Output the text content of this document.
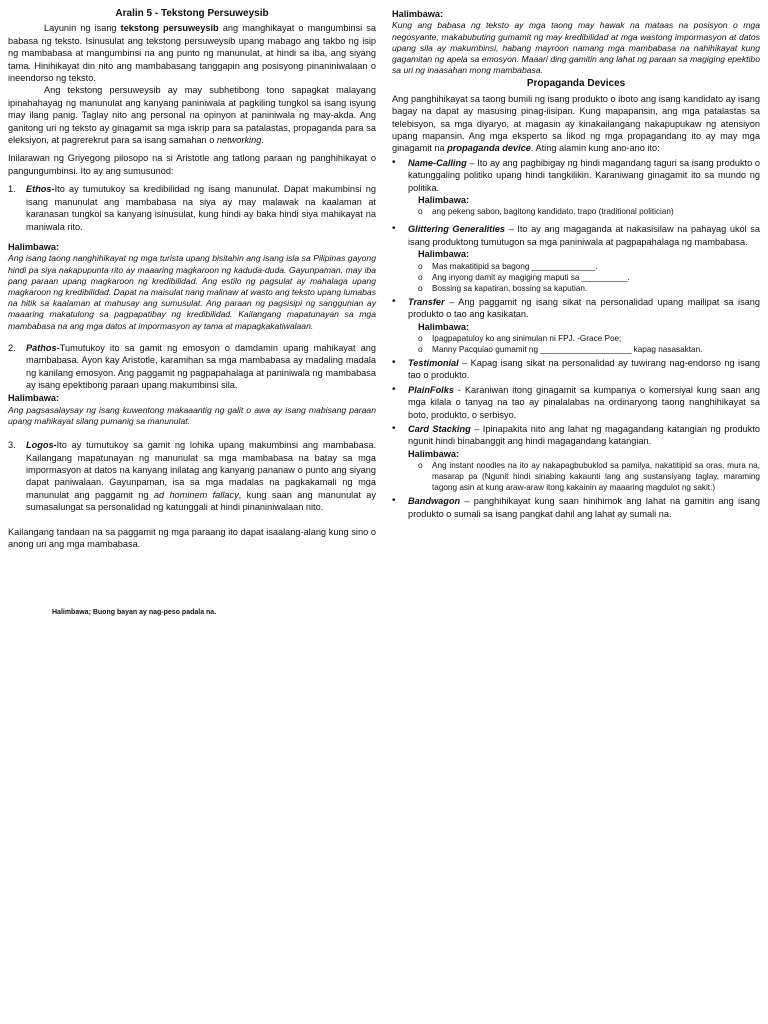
Aralin 5 - Tekstong Persuweysib

Layunin ng isang tekstong persuweysib ang manghikayat o mangumbinsi sa babasa ng teksto. Isinusulat ang tekstong persuweysib upang mabago ang takbo ng isip ng mambabasa at mangumbinsi na ang punto ng manunulat, at hindi sa iba, ang siyang tama. Hinihikayat din nito ang mambabasang tanggapin ang posisyong pinaniniwalaan o ineendorso ng teksto.

Ang tekstong persuweysib ay may subhetibong tono sapagkat malayang ipinahahayag ng manunulat ang kanyang paniniwala at pagkiling tungkol sa isang isyung may ilang panig. Taglay nito ang personal na opinyon at paniniwala ng may-akda. Ang ganitong uri ng teksto ay ginagamit sa mga iskrip para sa patalastas, propaganda para sa eleksiyon, at pagrerekrut para sa isang samahan o networking.

Inilarawan ng Griyegong pilosopo na si Aristotle ang tatlong paraan ng panghihikayat o pangungumbinsi. Ito ay ang sumusunod:

1.	Ethos-Ito ay tumutukoy sa kredibilidad ng isang manunulat. Dapat makumbinsi ng isang manunulat ang mambabasa na siya ay may malawak na kaalaman at karanasan tungkol sa kanyang isinusulat, kung hindi ay baka hindi siya mahikayat na maniwala rito.
Halimbawa:

Ang isang taong nanghihikayat ng mga turista upang bisitahin ang isang isla sa Pilipinas gayong hindi pa siya nakapupunta rito ay maaaring magkaroon ng kaduda-duda. Gayunpaman, may iba pang paraan upang magkaroon ng kredibilidad. Ang estilo ng pagsulat ay mahalaga upang magkaroon ng kredibilidad. Dapat na maisulat nang malinaw at wasto ang teksto upang lumabas na hitik sa kaalaman at mahusay ang sumusulat. Ang paraan ng pagsisipi ng sanggunian ay maaaring makatulong sa pagpapatibay ng kredibilidad. Kailangang mapatunayan sa mga mambabasa na ang mga datos at impormasyon ay tama at mapagkakatiwalaan.

2.	Pathos-Tumutukoy ito sa gamit ng emosyon o damdamin upang mahikayat ang mambabasa. Ayon kay Aristotle, karamihan sa mga mambabasa ay madaling madala ng kanilang emosyon. Ang paggamit ng pagpapahalaga at paniniwala ng mambabasa ay isang epektibong paraan upang makumbinsi sila.
Halimbawa:

Ang pagsasalaysay ng isang kuwentong makaaantig ng galit o awa ay isang mabisang paraan upang mahikayat silang pumanig sa manunulat.

3.	Logos-Ito ay tumutukoy sa gamit ng lohika upang makumbinsi ang mambabasa. Kailangang mapatunayan ng manunulat sa mga mambabasa na batay sa mga impormasyon at datos na kanyang inilatag ang kanyang pananaw o punto ang siyang dapat paniwalaan. Gayunpaman, isa sa mga madalas na pagkakamali ng mga manunulat ang paggamit ng ad hominem fallacy, kung saan ang manunulat ay sumasalungat sa personalidad ng katunggali at hindi pinaniniwalaan nito.

Kailangang tandaan na sa paggamit ng mga paraang ito dapat isaalang-alang kung sino o anong uri ang mga mambabasa.

Halimbawa; Buong bayan ay nag-peso padala na.
Halimbawa:

Kung ang babasa ng teksto ay mga taong may hawak na mataas na posisyon o mga negosyante, makabubuting gumamit ng may kredibilidad at mga wastong impormasyon at datos upang sila ay makumbinsi, habang mayroon namang mga mambabasa na nahihikayat kung gagamitan ng apela sa emosyon. Maaari ding gamitin ang lahat ng paraan sa magiging epektibo sa uri ng inaasahan mong mambabasa.

Propaganda Devices

Ang panghihikayat sa taong bumili ng isang produkto o iboto ang isang kandidato ay isang bagay na dapat ay masusing pinag-iisipan. Kung mapapansin, ang mga patalastas sa telebisyon, sa mga diyaryo, at magasin ay kinakailangang nakapupukaw ng atensiyon upang mapansin. Ang mga eksperto sa likod ng mga propagandang ito ay may mga ginagamit na propaganda device. Ating alamin kung ano-ano ito:

•	Name-Calling – Ito ay ang pagbibigay ng hindi magandang taguri sa isang produkto o katunggaling politiko upang hindi tangkilikin. Karaniwang ginagamit ito sa mundo ng politika.
Halimbawa:
o	ang pekeng sabon, bagitong kandidato, trapo (traditional politician)
•	Glittering Generalities – Ito ay ang magaganda at nakasisilaw na pahayag ukol sa isang produktong tumutugon sa mga paniniwala at pagpapahalaga ng mambabasa.
Halimbawa:
o	Mas makatitipid sa bagong ______________.
o	Ang inyong damit ay magiging maputi sa __________.
o	Bossing sa kapatiran, bossing sa kaputian.
•	Transfer – Ang paggamit ng isang sikat na personalidad upang mailipat sa isang produkto o tao ang kasikatan.
Halimbawa:
o	Ipagpapatuloy ko ang sinimulan ni FPJ. -Grace Poe;
o	Manny Pacquiao gumamit ng ____________________ kapag nasasaktan.
•	Testimonial – Kapag isang sikat na personalidad ay tuwirang nag-endorso ng isang tao o produkto.
•	PlainFolks - Karaniwan itong ginagamit sa kumpanya o komersiyal kung saan ang mga kilala o tanyag na tao ay pinalalabas na ordinaryong taong nanghihikayat sa boto, produkto, o serbisyo.
•	Card Stacking – Ipinapakita nito ang lahat ng magagandang katangian ng produkto ngunit hindi binabanggit ang hindi magagandang katangian.
Halimbawa:
o	Ang instant noodles na ito ay nakapagbubuklod sa pamilya, nakatitipid sa oras, mura na, masarap pa (Ngunit hindi sinabing kakaunti lang ang sustansiyang taglay, maraming tagong asin at kung araw-araw itong kakainin ay maaaring magdulot ng sakit.)
•	Bandwagon – panghihikayat kung saan hinihimok ang lahat na gamitin ang isang produkto o sumali sa isang pangkat dahil ang lahat ay sumali na.
